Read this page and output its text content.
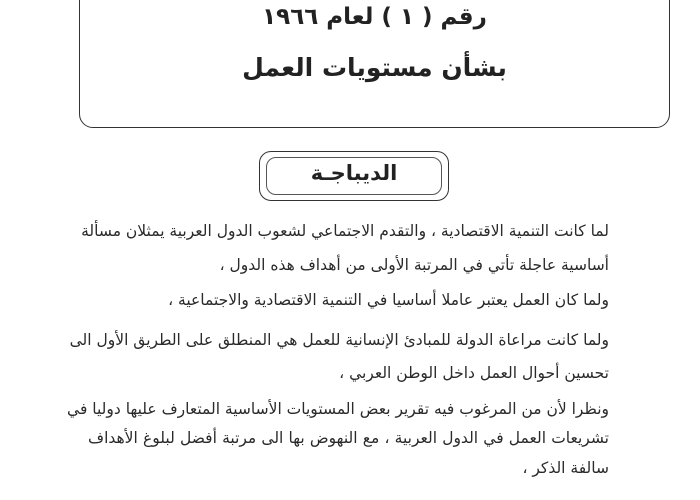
رقم ( ١ ) لعام ١٩٦٦
بشأن مستويات العمل
الديباجـة
لما كانت التنمية الاقتصادية ، والتقدم الاجتماعي لشعوب الدول العربية يمثلان مسألة
أساسية عاجلة تأتي في المرتبة الأولى من أهداف هذه الدول ،
ولما كان العمل يعتبر عاملا أساسيا في التنمية الاقتصادية والاجتماعية ،
ولما كانت مراعاة الدولة للمبادئ الإنسانية للعمل هي المنطلق على الطريق الأول الى
تحسين أحوال العمل داخل الوطن العربي ،
ونظرا لأن من المرغوب فيه تقرير بعض المستويات الأساسية المتعارف عليها دوليا في
تشريعات العمل في الدول العربية ، مع النهوض بها الى مرتبة أفضل لبلوغ الأهداف
سالفة الذكر ،
